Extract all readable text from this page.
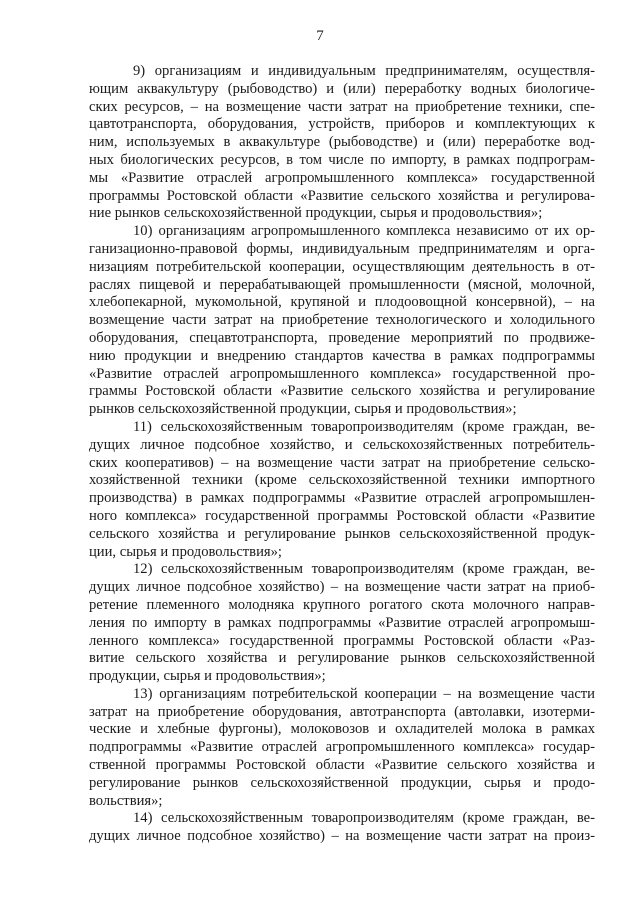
7

9) организациям и индивидуальным предпринимателям, осуществля-
ющим аквакультуру (рыбоводство) и (или) переработку водных биологиче-
ских ресурсов, – на возмещение части затрат на приобретение техники, спе-
цавтотранспорта, оборудования, устройств, приборов и комплектующих к
ним, используемых в аквакультуре (рыбоводстве) и (или) переработке вод-
ных биологических ресурсов, в том числе по импорту, в рамках подпрограм-
мы «Развитие отраслей агропромышленного комплекса» государственной
программы Ростовской области «Развитие сельского хозяйства и регулирова-
ние рынков сельскохозяйственной продукции, сырья и продовольствия»;

10) организациям агропромышленного комплекса независимо от их ор-
ганизационно-правовой формы, индивидуальным предпринимателям и орга-
низациям потребительской кооперации, осуществляющим деятельность в от-
раслях пищевой и перерабатывающей промышленности (мясной, молочной,
хлебопекарной, мукомольной, крупяной и плодоовощной консервной), – на
возмещение части затрат на приобретение технологического и холодильного
оборудования, спецавтотранспорта, проведение мероприятий по продвиже-
нию продукции и внедрению стандартов качества в рамках подпрограммы
«Развитие отраслей агропромышленного комплекса» государственной про-
граммы Ростовской области «Развитие сельского хозяйства и регулирование
рынков сельскохозяйственной продукции, сырья и продовольствия»;

11) сельскохозяйственным товаропроизводителям (кроме граждан, ве-
дущих личное подсобное хозяйство, и сельскохозяйственных потребитель-
ских кооперативов) – на возмещение части затрат на приобретение сельско-
хозяйственной техники (кроме сельскохозяйственной техники импортного
производства) в рамках подпрограммы «Развитие отраслей агропромышлен-
ного комплекса» государственной программы Ростовской области «Развитие
сельского хозяйства и регулирование рынков сельскохозяйственной продук-
ции, сырья и продовольствия»;

12) сельскохозяйственным товаропроизводителям (кроме граждан, ве-
дущих личное подсобное хозяйство) – на возмещение части затрат на приоб-
ретение племенного молодняка крупного рогатого скота молочного направ-
ления по импорту в рамках подпрограммы «Развитие отраслей агропромыш-
ленного комплекса» государственной программы Ростовской области «Раз-
витие сельского хозяйства и регулирование рынков сельскохозяйственной
продукции, сырья и продовольствия»;

13) организациям потребительской кооперации – на возмещение части
затрат на приобретение оборудования, автотранспорта (автолавки, изотерми-
ческие и хлебные фургоны), молоковозов и охладителей молока в рамках
подпрограммы «Развитие отраслей агропромышленного комплекса» государ-
ственной программы Ростовской области «Развитие сельского хозяйства и
регулирование рынков сельскохозяйственной продукции, сырья и продо-
вольствия»;

14) сельскохозяйственным товаропроизводителям (кроме граждан, ве-
дущих личное подсобное хозяйство) – на возмещение части затрат на произ-
